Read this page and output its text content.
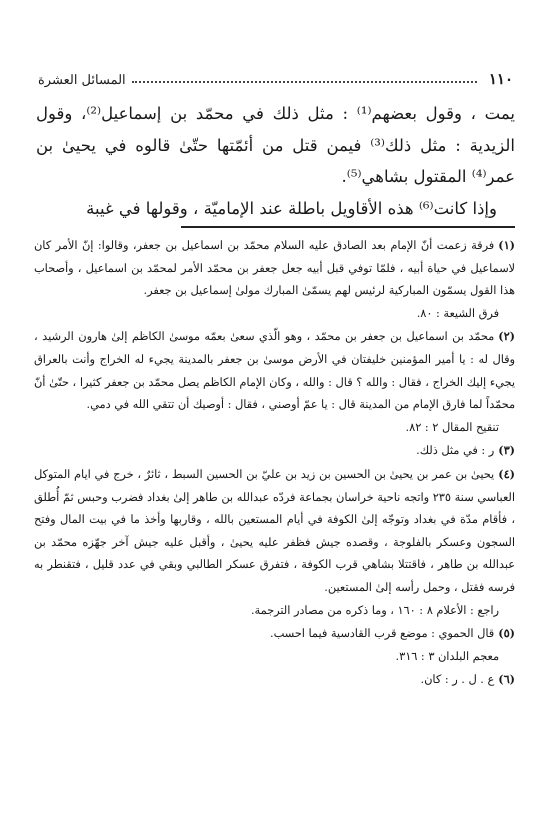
١١٠
المسائل العشرة

يمت ، وقول بعضهم⁽¹⁾ : مثل ذلك في محمّد بن إسماعيل⁽²⁾، وقول الزيدية : مثل ذلك⁽³⁾ فيمن قتل من أئمّتها حتّىٰ قالوه في يحيىٰ بن عمر⁽⁴⁾ المقتول بشاهي⁽⁵⁾.

وإذا كانت⁽⁶⁾ هذه الأقاويل باطلة عند الإماميّة ، وقولها في غيبة

(١)فرقة زعمت أنّ الإمام بعد الصادق عليه السلام محمّد بن اسماعيل بن جعفر، وقالوا: إنّ الأمر كان لاسماعيل في حياة أبيه ، فلمّا توفي قبل أبيه جعل جعفر بن محمّد الأمر لمحمّد بن اسماعيل ، وأصحاب هذا القول يسمّون المباركية لرئيس لهم يسمّىٰ المبارك مولىٰ إسماعيل بن جعفر.
فرق الشيعة : ٨٠.

(٢)محمّد بن اسماعيل بن جعفر بن محمّد ، وهو الّذي سعىٰ بعمّه موسىٰ الكاظم إلىٰ هارون الرشيد ، وقال له : يا أمير المؤمنين خليفتان في الأرض موسىٰ بن جعفر بالمدينة يجيء له الخراج وأنت بالعراق يجيء إليك الخراج ، فقال : والله ؟ قال : والله ، وكان الإمام الكاظم يصل محمّد بن جعفر كثيرا ، حتّىٰ أنّ محمّداً لما فارق الإمام من المدينة قال : يا عمّ أوصني ، فقال : أوصيك أن تتقي الله في دمي.
تنقيح المقال ٢ : ٨٢.

(٣)ر : في مثل ذلك.

(٤)يحيىٰ بن عمر بن يحيىٰ بن الحسين بن زيد بن عليّ بن الحسين السبط ، ثائرٌ ، خرج في ايام المتوكل العباسي سنة ٢٣٥ واتجه ناحية خراسان بجماعة فردّه عبدالله بن طاهر إلىٰ بغداد فضرب وحبس ثمّ أُطلق ، فأقام مدّة في بغداد وتوجّه إلىٰ الكوفة في أيام المستعين بالله ، وقاربها وأخذ ما في بيت المال وفتح السجون وعسكر بالفلوجة ، وقصده جيش فظفر عليه يحيىٰ ، وأقبل عليه جيش آخر جهّزه محمّد بن عبدالله بن طاهر ، فاقتتلا بشاهي قرب الكوفة ، فتفرق عسكر الطالبي وبقي في عدد قليل ، فتقنطر به فرسه فقتل ، وحمل رأسه إلىٰ المستعين.
راجع : الأعلام ٨ : ١٦٠ ، وما ذكره من مصادر الترجمة.

(٥)قال الحموي : موضع قرب القادسية فيما احسب.
معجم البلدان ٣ : ٣١٦.

(٦)ع . ل . ر : كان.
